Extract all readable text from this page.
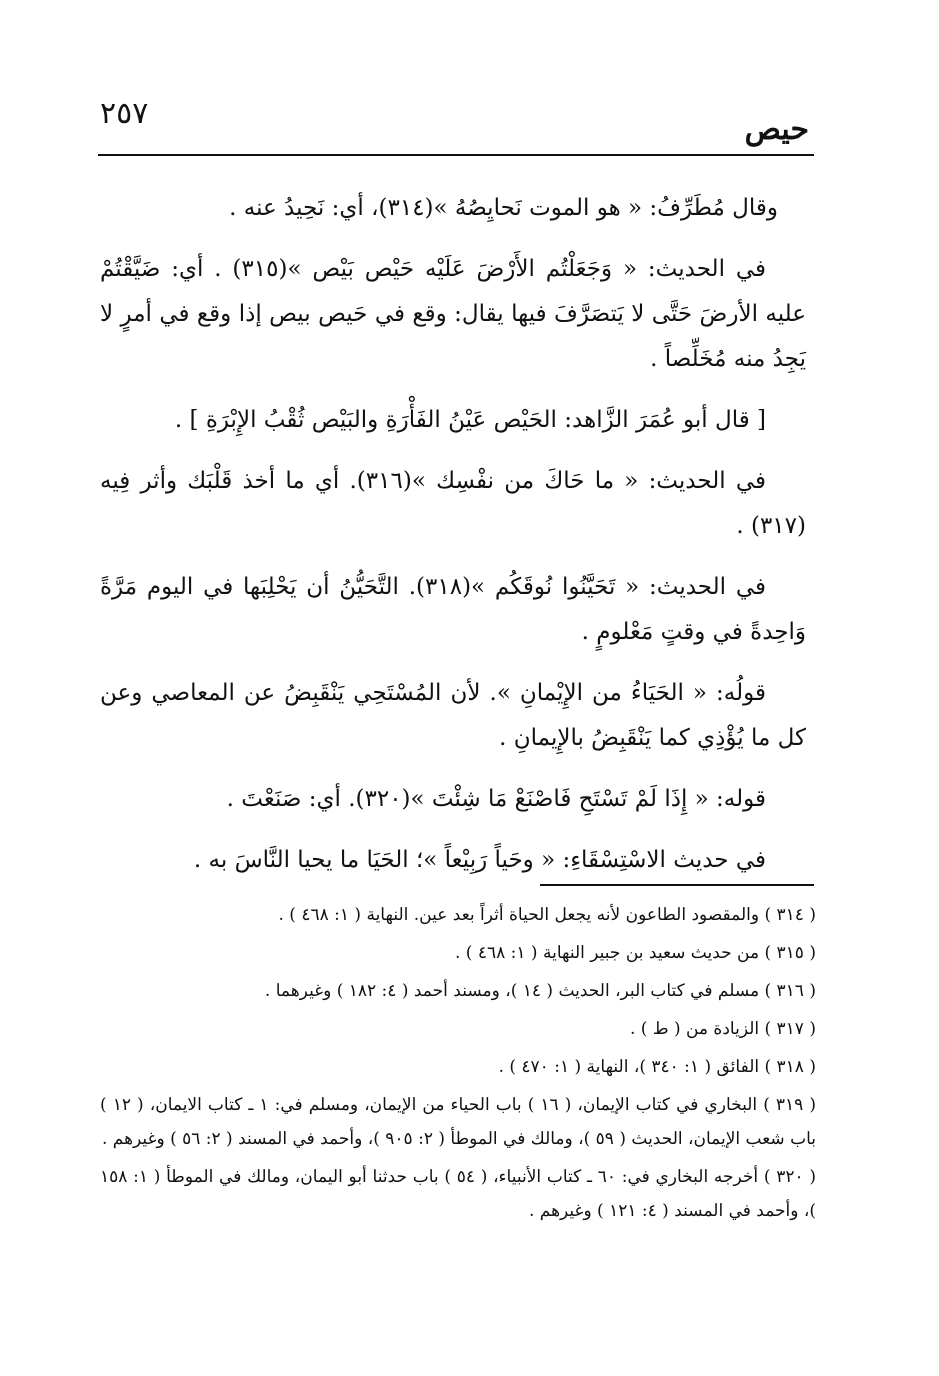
٢٥٧	حيص

وقال مُطَرِّفُ: « هو الموت نَحايِصُهُ »(٣١٤)، أي: نَحِيدُ عنه .

في الحديث: « وَجَعَلْتُم الأَرْضَ عَلَيْه حَيْص بَيْص »(٣١٥) . أي: ضَيَّقْتُمْ عليه الأرضَ حَتَّى لا يَتصَرَّفَ فيها يقال: وقع في حَيص بيص إذا وقع في أمرٍ لا يَجِدُ منه مُخَلِّصاً .

[ قال أبو عُمَرَ الزَّاهد: الحَيْص عَيْنُ الفَأْرَةِ والبَيْص ثُقْبُ الإِبْرَةِ ] .

في الحديث: « ما حَاكَ من نفْسِك »(٣١٦). أي ما أخذ قَلْبَك وأثر فِيه (٣١٧) .

في الحديث: « تَحَيَّنُوا نُوقَكُم »(٣١٨). التَّحَيُّنُ أن يَحْلِبَها في اليوم مَرَّةً وَاحِدةً في وقتٍ مَعْلومٍ .

قولُه: « الحَيَاءُ من الإِيْمانِ ». لأن المُسْتَحِي يَنْقَبِضُ عن المعاصي وعن كل ما يُؤْذِي كما يَنْقَبِضُ بالإِيمانِ .

قوله: « إِذَا لَمْ تَسْتَحِ فَاصْنَعْ مَا شِئْتَ »(٣٢٠). أي: صَنَعْتَ .

في حديث الاسْتِسْقَاءِ: « وحَياً رَبِيْعاً »؛ الحَيَا ما يحيا النَّاسَ به .

( ٣١٤ ) والمقصود الطاعون لأنه يجعل الحياة أثراً بعد عين. النهاية ( ١: ٤٦٨ ) .

( ٣١٥ ) من حديث سعيد بن جبير النهاية ( ١: ٤٦٨ ) .

( ٣١٦ ) مسلم في كتاب البر، الحديث ( ١٤ )، ومسند أحمد ( ٤: ١٨٢ ) وغيرهما .

( ٣١٧ ) الزيادة من ( ط ) .

( ٣١٨ ) الفائق ( ١: ٣٤٠ )، النهاية ( ١: ٤٧٠ ) .

( ٣١٩ ) البخاري في كتاب الإيمان، ( ١٦ ) باب الحياء من الإيمان، ومسلم في: ١ ـ كتاب الايمان، ( ١٢ ) باب شعب الإيمان، الحديث ( ٥٩ )، ومالك في الموطأ ( ٢: ٩٠٥ )، وأحمد في المسند ( ٢: ٥٦ ) وغيرهم .

( ٣٢٠ ) أخرجه البخاري في: ٦٠ ـ كتاب الأنبياء، ( ٥٤ ) باب حدثنا أبو اليمان، ومالك في الموطأ ( ١: ١٥٨ )، وأحمد في المسند ( ٤: ١٢١ ) وغيرهم .
